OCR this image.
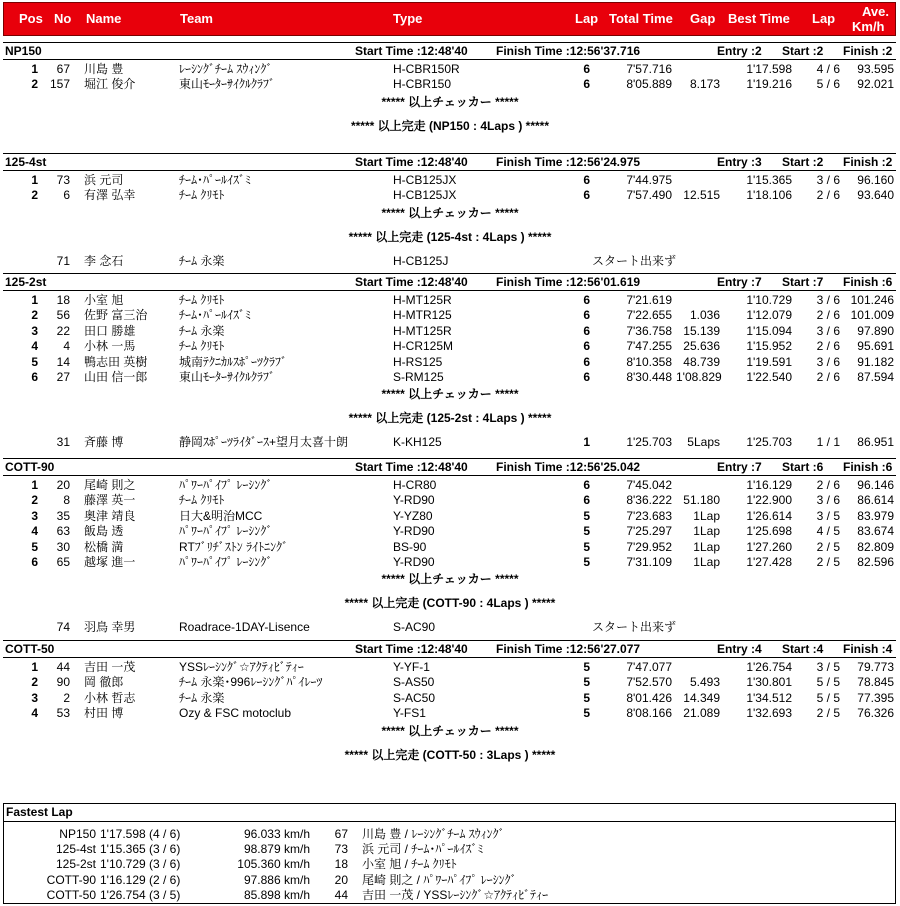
Pos No Name	Team	Type	Lap Total Time Gap Best Time Lap Ave.
Km/h
NP150	Start Time :12:48'40 Finish Time :12:56'37.716	Entry :2 Start :2 Finish :2
1	67 川島 豊	ﾚｰｼﾝｸﾞﾁｰﾑ ｽｳｨﾝｸﾞ	H-CBR150R	6	7'57.716	1'17.598	4 / 6	93.595
2 157 堀江 俊介	東山ﾓｰﾀｰｻｲｸﾙｸﾗﾌﾞ	H-CBR150	6	8'05.889	8.173	1'19.216	5 / 6	92.021
***** 以上チェッカー *****
***** 以上完走 (NP150 : 4Laps ) *****
125-4st	Start Time :12:48'40 Finish Time :12:56'24.975	Entry :3 Start :2 Finish :2
1	73 浜 元司	ﾁｰﾑ･ﾊﾟｰﾙｲｽﾞﾐ	H-CB125JX	6	7'44.975	1'15.365	3 / 6	96.160
2	6 有澤 弘幸	ﾁｰﾑ ｸﾘﾓﾄ	H-CB125JX	6	7'57.490 12.515	1'18.106	2 / 6	93.640
***** 以上チェッカー *****
***** 以上完走 (125-4st : 4Laps ) *****
71 李 念石	ﾁｰﾑ 永楽	H-CB125J	スタート出来ず
125-2st	Start Time :12:48'40 Finish Time :12:56'01.619	Entry :7 Start :7 Finish :6
1	18 小室 旭	ﾁｰﾑ ｸﾘﾓﾄ	H-MT125R	6	7'21.619	1'10.729	3 / 6 101.246
2	56 佐野 富三治	ﾁｰﾑ･ﾊﾟｰﾙｲｽﾞﾐ	H-MTR125	6	7'22.655	1.036	1'12.079	2 / 6 101.009
3	22 田口 勝雄	ﾁｰﾑ 永楽	H-MT125R	6	7'36.758 15.139	1'15.094	3 / 6	97.890
4	4 小林 一馬	ﾁｰﾑ ｸﾘﾓﾄ	H-CR125M	6	7'47.255 25.636	1'15.952	2 / 6	95.691
5	14 鴨志田 英樹	城南ﾃｸﾆｶﾙｽﾎﾟｰﾂｸﾗﾌﾞ	H-RS125	6	8'10.358 48.739	1'19.591	3 / 6	91.182
6	27 山田 信一郎	東山ﾓｰﾀｰｻｲｸﾙｸﾗﾌﾞ	S-RM125	6	8'30.448 1'08.829	1'22.540	2 / 6	87.594
***** 以上チェッカー *****
***** 以上完走 (125-2st : 4Laps ) *****
31 斉藤 博	静岡ｽﾎﾟｰﾂﾗｲﾀﾞｰｽ+望月太喜十朗	K-KH125	1	1'25.703	5Laps	1'25.703	1 / 1	86.951
COTT-90	Start Time :12:48'40 Finish Time :12:56'25.042	Entry :7 Start :6 Finish :6
1	20 尾崎 則之	ﾊﾟﾜｰﾊﾟｲﾌﾟ ﾚｰｼﾝｸﾞ	H-CR80	6	7'45.042	1'16.129	2 / 6	96.146
2	8 藤澤 英一	ﾁｰﾑ ｸﾘﾓﾄ	Y-RD90	6	8'36.222 51.180	1'22.900	3 / 6	86.614
3	35 奥津 靖良	日大&明治MCC	Y-YZ80	5	7'23.683	1Lap	1'26.614	3 / 5	83.979
4	63 飯島 透	ﾊﾟﾜｰﾊﾟｲﾌﾟ ﾚｰｼﾝｸﾞ	Y-RD90	5	7'25.297	1Lap	1'25.698	4 / 5	83.674
5	30 松橋 満	RTﾌﾞﾘﾁﾞｽﾄﾝ ﾗｲﾄﾆﾝｸﾞ	BS-90	5	7'29.952	1Lap	1'27.260	2 / 5	82.809
6	65 越塚 進一	ﾊﾟﾜｰﾊﾟｲﾌﾟ ﾚｰｼﾝｸﾞ	Y-RD90	5	7'31.109	1Lap	1'27.428	2 / 5	82.596
***** 以上チェッカー *****
***** 以上完走 (COTT-90 : 4Laps ) *****
74 羽鳥 幸男	Roadrace-1DAY-Lisence	S-AC90	スタート出来ず
COTT-50	Start Time :12:48'40 Finish Time :12:56'27.077	Entry :4 Start :4 Finish :4
1	44 吉田 一茂	YSSﾚｰｼﾝｸﾞ☆ｱｸﾃｨﾋﾞﾃｨｰ	Y-YF-1	5	7'47.077	1'26.754	3 / 5	79.773
2	90 岡 徹郎	ﾁｰﾑ 永楽･996ﾚｰｼﾝｸﾞﾊﾟｲﾚｰﾂ	S-AS50	5	7'52.570	5.493	1'30.801	5 / 5	78.845
3	2 小林 哲志	ﾁｰﾑ 永楽	S-AC50	5	8'01.426 14.349	1'34.512	5 / 5	77.395
4	53 村田 博	Ozy & FSC motoclub	Y-FS1	5	8'08.166 21.089	1'32.693	2 / 5	76.326
***** 以上チェッカー *****
***** 以上完走 (COTT-50 : 3Laps ) *****
Fastest Lap
NP150 1'17.598 (4 / 6)	96.033 km/h	67 川島 豊 / ﾚｰｼﾝｸﾞﾁｰﾑ ｽｳｨﾝｸﾞ
125-4st 1'15.365 (3 / 6)	98.879 km/h	73 浜 元司 / ﾁｰﾑ･ﾊﾟｰﾙｲｽﾞﾐ
125-2st 1'10.729 (3 / 6)	105.360 km/h	18 小室 旭 / ﾁｰﾑ ｸﾘﾓﾄ
COTT-90 1'16.129 (2 / 6)	97.886 km/h	20 尾崎 則之 / ﾊﾟﾜｰﾊﾟｲﾌﾟ ﾚｰｼﾝｸﾞ
COTT-50 1'26.754 (3 / 5)	85.898 km/h	44 吉田 一茂 / YSSﾚｰｼﾝｸﾞ☆ｱｸﾃｨﾋﾞﾃｨｰ
